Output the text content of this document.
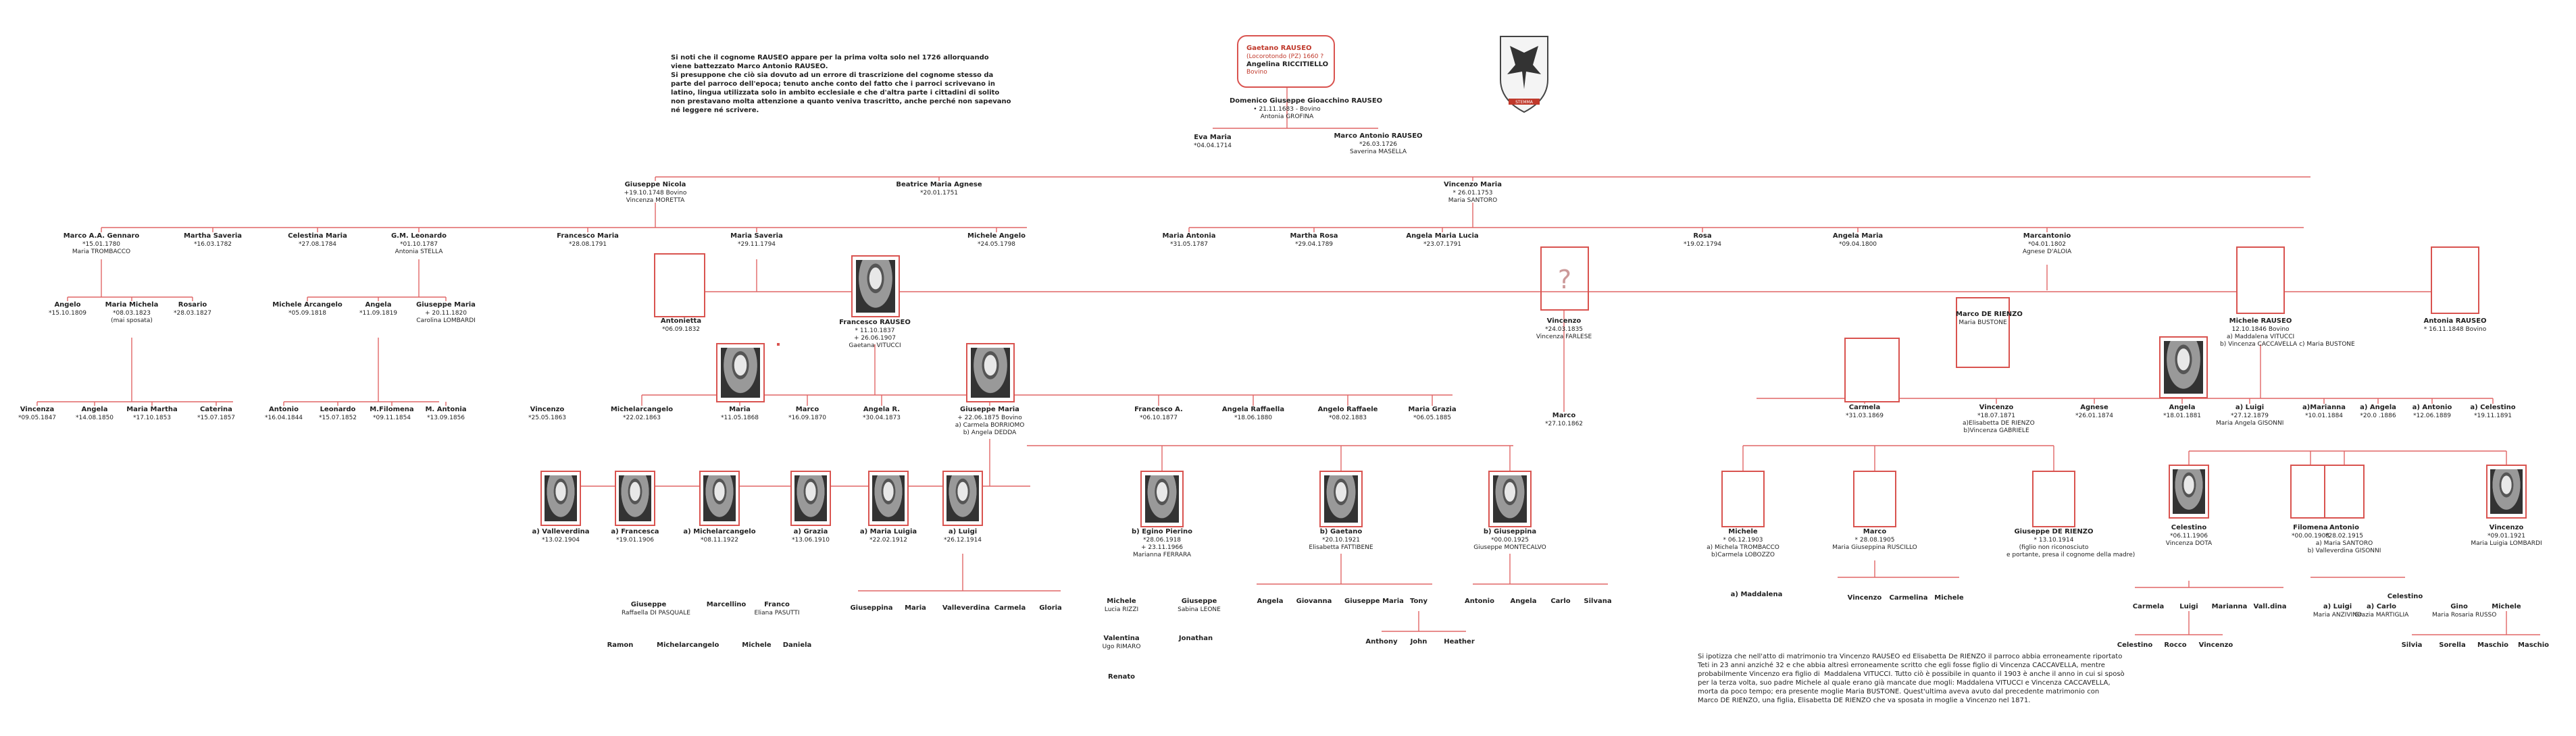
Si noti che il cognome RAUSEO appare per la prima volta solo nel 1726 allorquando
viene battezzato Marco Antonio RAUSEO.
Si presuppone che ciò sia dovuto ad un errore di trascrizione del cognome stesso da
parte del parroco dell'epoca; tenuto anche conto del fatto che i parroci scrivevano in
latino, lingua utilizzata solo in ambito ecclesiale e che d'altra parte i cittadini di solito
non prestavano molta attenzione a quanto veniva trascritto, anche perché non sapevano
né leggere né scrivere.
Gaetano RAUSEO
(Locorotondo (PZ) 1660 ?
Angelina RICCITIELLO
Bovino
Domenico Giuseppe Gioacchino RAUSEO
• 21.11.1683 - Bovino
Antonia GROFINA
STEMMA
Eva Maria
*04.04.1714
Marco Antonio RAUSEO
*26.03.1726
Saverina MASELLA
Giuseppe Nicola
+19.10.1748 Bovino
Vincenza MORETTA
Beatrice Maria Agnese
*20.01.1751
Vincenzo Maria
* 26.01.1753
Maria SANTORO
Marco A.A. Gennaro
*15.01.1780
Maria TROMBACCO
Martha Saveria
*16.03.1782
Celestina Maria
*27.08.1784
G.M. Leonardo
*01.10.1787
Antonia STELLA
Francesco Maria
*28.08.1791
Maria Saveria
*29.11.1794
Michele Angelo
*24.05.1798
Maria Antonia
*31.05.1787
Martha Rosa
*29.04.1789
Angela Maria Lucia
*23.07.1791
Rosa
*19.02.1794
Angela Maria
*09.04.1800
Marcantonio
*04.01.1802
Agnese D'ALOIA
Angelo
*15.10.1809
Maria Michela
*08.03.1823
(mai sposata)
Rosario
*28.03.1827
Michele Arcangelo
*05.09.1818
Angela
*11.09.1819
Giuseppe Maria
+ 20.11.1820
Carolina LOMBARDI	Antonietta
*06.09.1832
Francesco RAUSEO
* 11.10.1837
+ 26.06.1907
Gaetana VITUCCI
?
Vincenzo
*24.03.1835
Vincenza FARLESE
Marco DE RIENZO
Maria BUSTONE	Michele RAUSEO
12.10.1846 Bovino
a) Maddalena VITUCCI
b) Vincenza CACCAVELLA c) Maria BUSTONE
Antonia RAUSEO
* 16.11.1848 Bovino
Vincenza
*09.05.1847
Angela
*14.08.1850
Maria Martha
*17.10.1853
Caterina
*15.07.1857
Antonio
*16.04.1844
Leonardo
*15.07.1852
M.Filomena
*09.11.1854
M. Antonia
*13.09.1856
Vincenzo
*25.05.1863
Michelarcangelo
*22.02.1863
Maria
*11.05.1868
Marco
*16.09.1870
Angela R.
*30.04.1873
Giuseppe Maria
+ 22.06.1875 Bovino
a) Carmela BORRIOMO
b) Angela DEDDA
Francesco A.
*06.10.1877
Angela Raffaella
*18.06.1880
Angelo Raffaele
*08.02.1883
Maria Grazia
*06.05.1885	Marco
*27.10.1862
Carmela
*31.03.1869
Vincenzo
*18.07.1871
a)Elisabetta DE RIENZO
b)Vincenza GABRIELE
Agnese
*26.01.1874
Angela
*18.01.1881
a) Luigi
*27.12.1879
Maria Angela GISONNI
a)Marianna
*10.01.1884
a) Angela
*20.0 .1886
a) Antonio
*12.06.1889
a) Celestino
*19.11.1891
a) Valleverdina
*13.02.1904
a) Francesca
*19.01.1906
a) Michelarcangelo
*08.11.1922
a) Grazia
*13.06.1910
a) Maria Luigia
*22.02.1912
a) Luigi
*26.12.1914
b) Egino Pierino
*28.06.1918
+ 23.11.1966
Marianna FERRARA
b) Gaetano
*20.10.1921
Elisabetta FATTIBENE
b) Giuseppina
*00.00.1925
Giuseppe MONTECALVO
Michele
* 06.12.1903
a) Michela TROMBACCO
b)Carmela LOBOZZO
Marco
* 28.08.1905
Maria Giuseppina RUSCILLO
Giuseppe DE RIENZO
* 13.10.1914
(figlio non riconosciuto
e portante, presa il cognome della madre)
Celestino
*06.11.1906
Vincenza DOTA
Filomena
*00.00.1908
Antonio
*28.02.1915
a) Maria SANTORO
b) Valleverdina GISONNI
Vincenzo
*09.01.1921
Maria Luigia LOMBARDI
Giuseppe
Raffaella DI PASQUALE
Marcellino	Franco
Eliana PASUTTI
Giuseppina	Maria	Valleverdina Carmela	Gloria
Michele
Lucia RIZZI
Giuseppe
Sabina LEONE
Angela	Giovanna	Giuseppe Maria Tony	Antonio	Angela	Carlo	Silvana
a) Maddalena	Vincenzo	Carmelina Michele
Carmela	Luigi	Marianna Vall.dina	a) Luigi
Maria ANZIVINO
a) Carlo
Grazia MARTIGLIA
Celestino
Gino
Maria Rosaria RUSSO
Michele
Ramon	Michelarcangelo	Michele	Daniela
Valentina
Ugo RIMARO
Jonathan	Anthony	John	Heather	Celestino	Rocco	Vincenzo	Silvia	Sorella	Maschio	Maschio
Renato
Si ipotizza che nell'atto di matrimonio tra Vincenzo RAUSEO ed Elisabetta De RIENZO il parroco abbia erroneamente riportato
Teti in 23 anni anziché 32 e che abbia altresì erroneamente scritto che egli fosse figlio di Vincenza CACCAVELLA, mentre
probabilmente Vincenzo era figlio di  Maddalena VITUCCI. Tutto ciò è possibile in quanto il 1903 è anche il anno in cui si sposò
per la terza volta, suo padre Michele al quale erano già mancate due mogli: Maddalena VITUCCI e Vincenza CACCAVELLA,
morta da poco tempo; era presente moglie Maria BUSTONE. Quest'ultima aveva avuto dal precedente matrimonio con
Marco DE RIENZO, una figlia, Elisabetta DE RIENZO che va sposata in moglie a Vincenzo nel 1871.
